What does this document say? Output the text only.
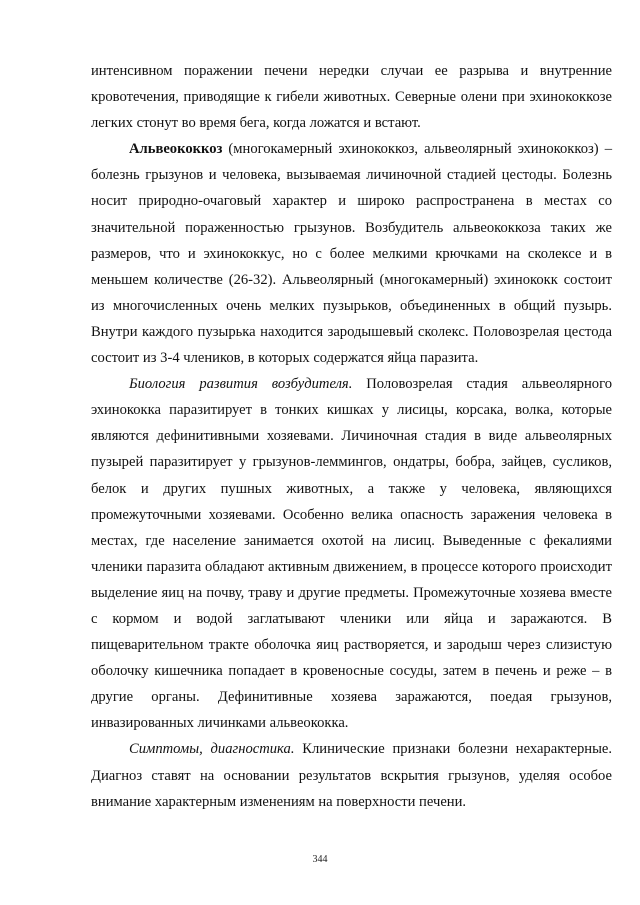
интенсивном поражении печени нередки случаи ее разрыва и внутренние кровотечения, приводящие к гибели животных. Северные олени при эхинококкозе легких стонут во время бега, когда ложатся и встают.

Альвеококкоз (многокамерный эхинококкоз, альвеолярный эхинококкоз) – болезнь грызунов и человека, вызываемая личиночной стадией цестоды. Болезнь носит природно-очаговый характер и широко распространена в местах со значительной пораженностью грызунов. Возбудитель альвеококкоза таких же размеров, что и эхинококкус, но с более мелкими крючками на сколексе и в меньшем количестве (26-32). Альвеолярный (многокамерный) эхинококк состоит из многочисленных очень мелких пузырьков, объединенных в общий пузырь. Внутри каждого пузырька находится зародышевый сколекс. Половозрелая цестода состоит из 3-4 члеников, в которых содержатся яйца паразита.

Биология развития возбудителя. Половозрелая стадия альвеолярного эхинококка паразитирует в тонких кишках у лисицы, корсака, волка, которые являются дефинитивными хозяевами. Личиночная стадия в виде альвеолярных пузырей паразитирует у грызунов-леммингов, ондатры, бобра, зайцев, сусликов, белок и других пушных животных, а также у человека, являющихся промежуточными хозяевами. Особенно велика опасность заражения человека в местах, где население занимается охотой на лисиц. Выведенные с фекалиями членики паразита обладают активным движением, в процессе которого происходит выделение яиц на почву, траву и другие предметы. Промежуточные хозяева вместе с кормом и водой заглатывают членики или яйца и заражаются. В пищеварительном тракте оболочка яиц растворяется, и зародыш через слизистую оболочку кишечника попадает в кровеносные сосуды, затем в печень и реже – в другие органы. Дефинитивные хозяева заражаются, поедая грызунов, инвазированных личинками альвеококка.

Симптомы, диагностика. Клинические признаки болезни нехарактерные. Диагноз ставят на основании результатов вскрытия грызунов, уделяя особое внимание характерным изменениям на поверхности печени.

344
